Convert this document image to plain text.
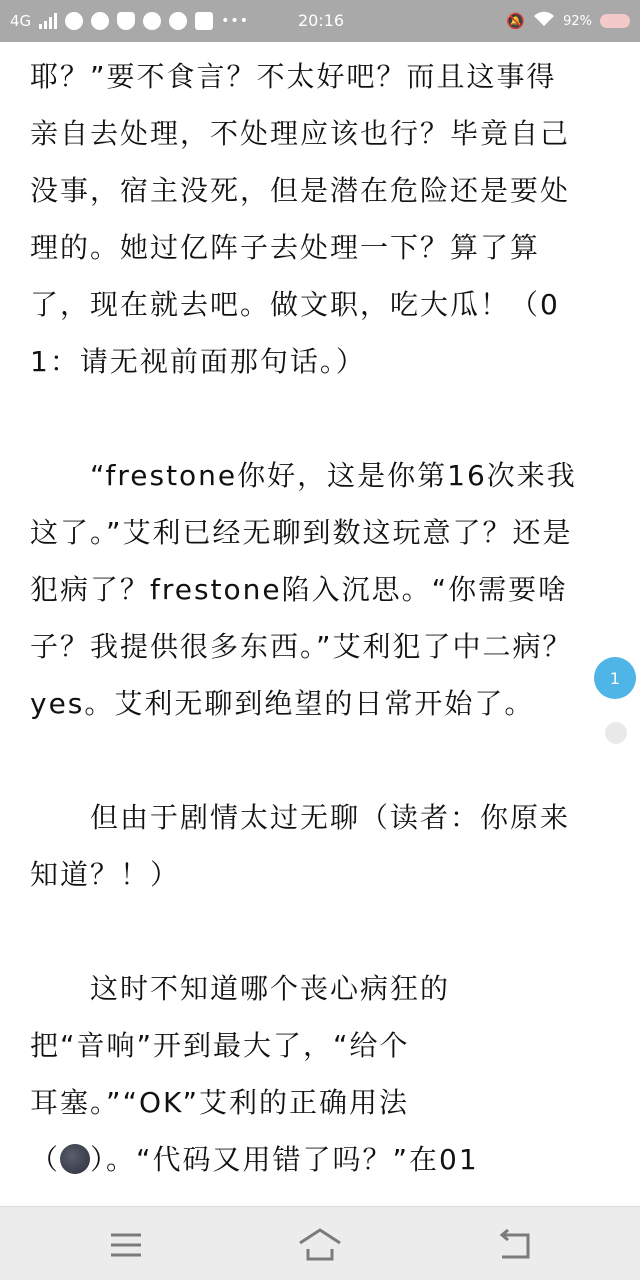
4G	•••	20:16	🔕	92%

耶？”要不食言？不太好吧？而且这事得亲自去处理，不处理应该也行？毕竟自己没事，宿主没死，但是潜在危险还是要处理的。她过亿阵子去处理一下？算了算了，现在就去吧。做文职，吃大瓜！（01：请无视前面那句话。）

　　“frestone你好，这是你第16次来我这了。”艾利已经无聊到数这玩意了？还是犯病了？frestone陷入沉思。“你需要啥子？我提供很多东西。”艾利犯了中二病？yes。艾利无聊到绝望的日常开始了。

　　但由于剧情太过无聊（读者：你原来知道？！）

　　这时不知道哪个丧心病狂的
把“音响”开到最大了，“给个
耳塞。”“OK”艾利的正确用法
（ ）。“代码又用错了吗？”在01
1
